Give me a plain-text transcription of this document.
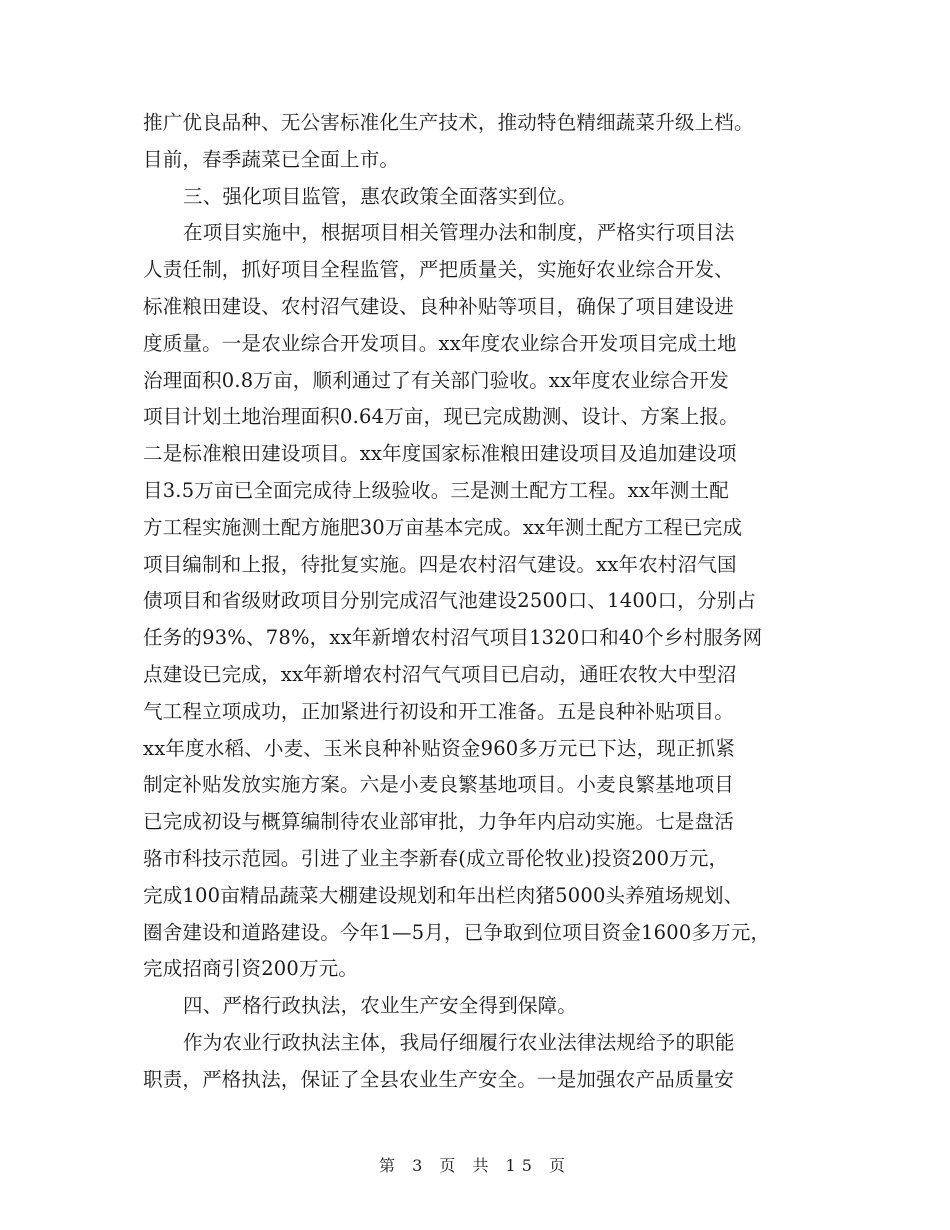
推广优良品种、无公害标准化生产技术，推动特色精细蔬菜升级上档。
目前，春季蔬菜已全面上市。
三、强化项目监管，惠农政策全面落实到位。
在项目实施中，根据项目相关管理办法和制度，严格实行项目法
人责任制，抓好项目全程监管，严把质量关，实施好农业综合开发、
标准粮田建设、农村沼气建设、良种补贴等项目，确保了项目建设进
度质量。一是农业综合开发项目。xx年度农业综合开发项目完成土地
治理面积0.8万亩，顺利通过了有关部门验收。xx年度农业综合开发
项目计划土地治理面积0.64万亩，现已完成勘测、设计、方案上报。
二是标准粮田建设项目。xx年度国家标准粮田建设项目及追加建设项
目3.5万亩已全面完成待上级验收。三是测土配方工程。xx年测土配
方工程实施测土配方施肥30万亩基本完成。xx年测土配方工程已完成
项目编制和上报，待批复实施。四是农村沼气建设。xx年农村沼气国
债项目和省级财政项目分别完成沼气池建设2500口、1400口，分别占
任务的93%、78%，xx年新增农村沼气项目1320口和40个乡村服务网
点建设已完成，xx年新增农村沼气气项目已启动，通旺农牧大中型沼
气工程立项成功，正加紧进行初设和开工准备。五是良种补贴项目。
xx年度水稻、小麦、玉米良种补贴资金960多万元已下达，现正抓紧
制定补贴发放实施方案。六是小麦良繁基地项目。小麦良繁基地项目
已完成初设与概算编制待农业部审批，力争年内启动实施。七是盘活
骆市科技示范园。引进了业主李新春(成立哥伦牧业)投资200万元，
完成100亩精品蔬菜大棚建设规划和年出栏肉猪5000头养殖场规划、
圈舍建设和道路建设。今年1—5月，已争取到位项目资金1600多万元，
完成招商引资200万元。
四、严格行政执法，农业生产安全得到保障。
作为农业行政执法主体，我局仔细履行农业法律法规给予的职能
职责，严格执法，保证了全县农业生产安全。一是加强农产品质量安
第 3 页 共 15 页
